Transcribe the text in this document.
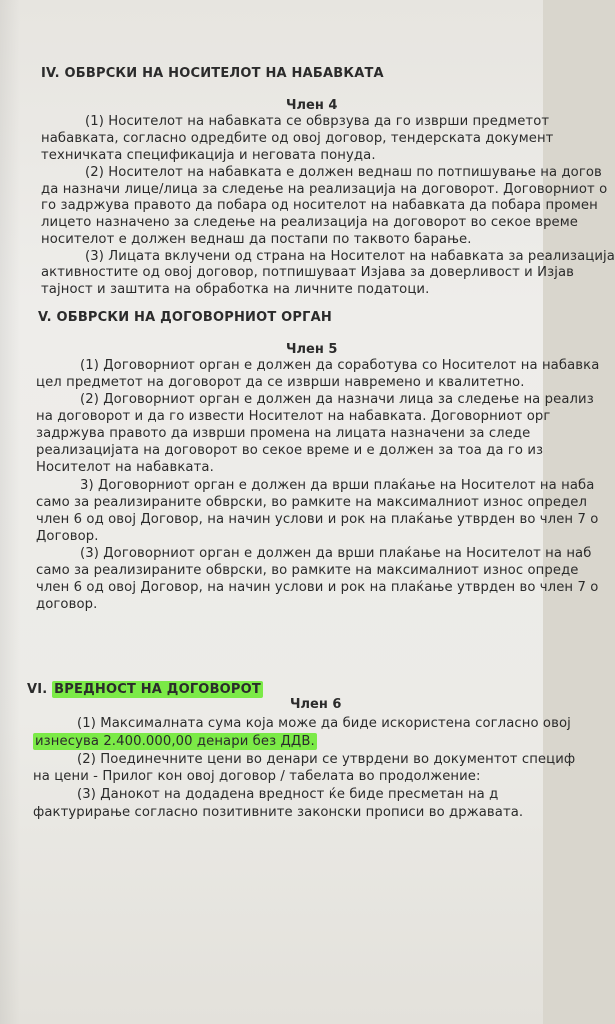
IV. ОБВРСКИ НА НОСИТЕЛОТ НА НАБАВКАТА
Член 4
(1) Носителот на набавката се обврзува да го изврши предметот
набавката, согласно одредбите од овој договор, тендерската документ
техничката спецификација и неговата понуда.
(2) Носителот на набавката е должен веднаш по потпишување на догов
да назначи лице/лица за следење на реализација на договорот. Договорниот о
го задржува правото да побара од носителот на набавката да побара промен
лицето назначено за следење на реализација на договорот во секое време
носителот е должен веднаш да постапи по таквото барање.
(3) Лицата вклучени од страна на Носителот на набавката за реализација
активностите од овој договор, потпишуваат Изјава за доверливост и Изјав
тајност и заштита на обработка на личните податоци.
V. ОБВРСКИ НА ДОГОВОРНИОТ ОРГАН
Член 5
(1) Договорниот орган е должен да соработува со Носителот на набавка
цел предметот на договорот да се изврши навремено и квалитетно.
(2) Договорниот орган е должен да назначи лица за следење на реализ
на договорот и да го извести Носителот на набавката. Договорниот орг
задржува правото да изврши промена на лицата назначени за следе
реализацијата на договорот во секое време и е должен за тоа да го из
Носителот на набавката.
3) Договорниот орган е должен да врши плаќање на Носителот на наба
само за реализираните обврски, во рамките на максималниот износ определ
член 6 од овој Договор, на начин услови и рок на плаќање утврден во член 7 о
Договор.
(3) Договорниот орган е должен да врши плаќање на Носителот на наб
само за реализираните обврски, во рамките на максималниот износ опреде
член 6 од овој Договор, на начин услови и рок на плаќање утврден во член 7 о
договор.
VI. ВРЕДНОСТ НА ДОГОВОРОТ
Член 6
(1) Максималната сума која може да биде искористена согласно овој
изнесува 2.400.000,00 денари без ДДВ.
(2) Поединечните цени во денари се утврдени во документот специф
на цени - Прилог кон овој договор / табелата во продолжение:
(3) Данокот на додадена вредност ќе биде пресметан на д
фактурирање согласно позитивните законски прописи во државата.
